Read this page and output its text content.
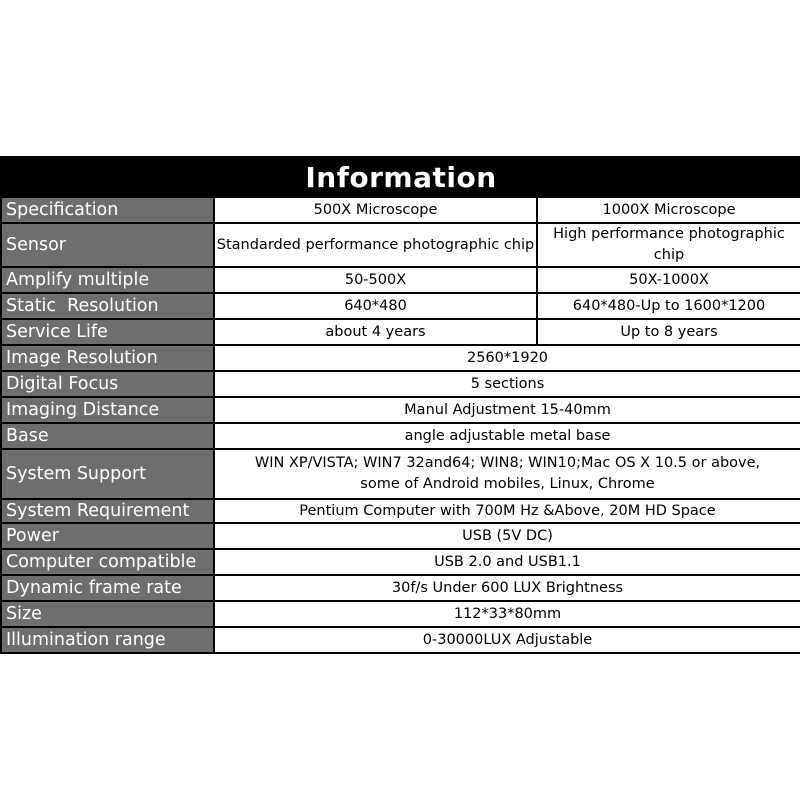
Information		
Specification	500X Microscope	1000X Microscope
Sensor	Standarded performance photographic chip	High performance photographic chip
Amplify multiple	50-500X	50X-1000X
Static  Resolution	640*480	640*480-Up to 1600*1200
Service Life	about 4 years	Up to 8 years
Image Resolution	2560*1920	
Digital Focus	5 sections	
Imaging Distance	Manul Adjustment 15-40mm	
Base	angle adjustable metal base	
System Support	WIN XP/VISTA; WIN7 32and64; WIN8; WIN10;Mac OS X 10.5 or above, some of Android mobiles, Linux, Chrome	
System Requirement	Pentium Computer with 700M Hz &Above, 20M HD Space	
Power	USB (5V DC)	
Computer compatible	USB 2.0 and USB1.1	
Dynamic frame rate	30f/s Under 600 LUX Brightness	
Size	112*33*80mm	
Illumination range	0-30000LUX Adjustable	
